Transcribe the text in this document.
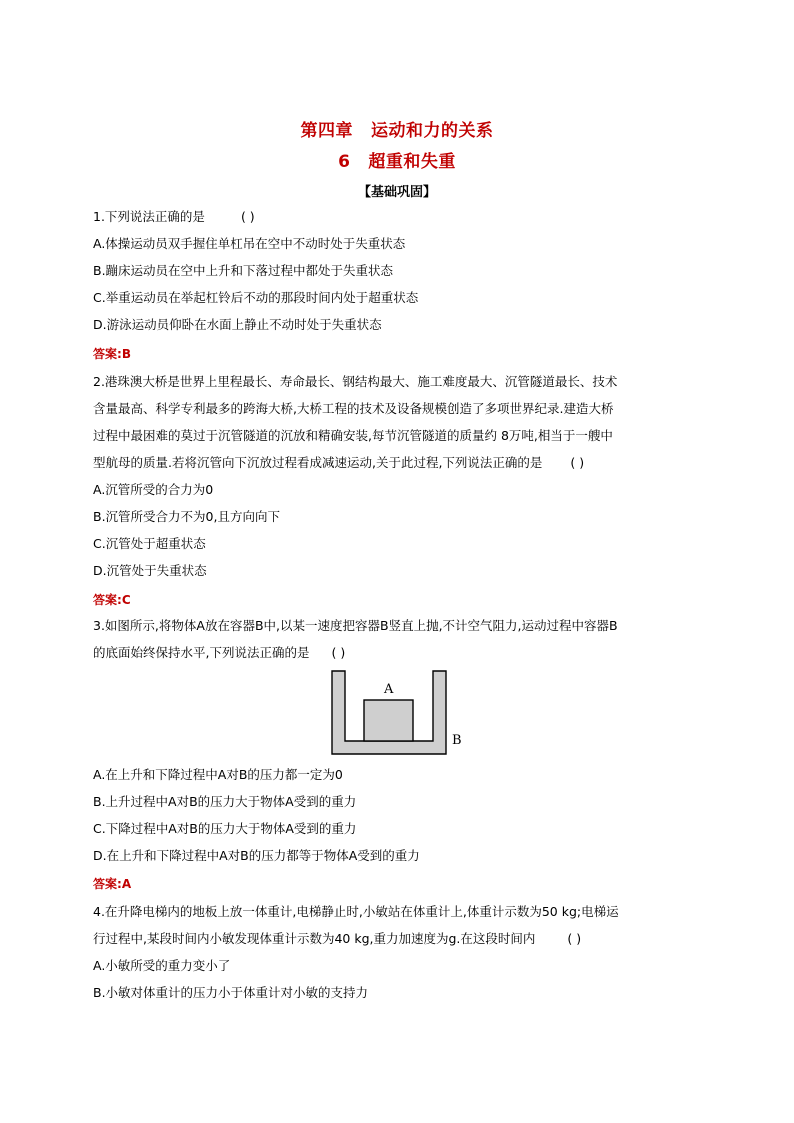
第四章 运动和力的关系
6 超重和失重
【基础巩固】
1.下列说法正确的是	( )
A.体操运动员双手握住单杠吊在空中不动时处于失重状态
B.蹦床运动员在空中上升和下落过程中都处于失重状态
C.举重运动员在举起杠铃后不动的那段时间内处于超重状态
D.游泳运动员仰卧在水面上静止不动时处于失重状态
答案:B
2.港珠澳大桥是世界上里程最长、寿命最长、钢结构最大、施工难度最大、沉管隧道最长、技术
含量最高、科学专利最多的跨海大桥,大桥工程的技术及设备规模创造了多项世界纪录.建造大桥
过程中最困难的莫过于沉管隧道的沉放和精确安装,每节沉管隧道的质量约 8万吨,相当于一艘中
型航母的质量.若将沉管向下沉放过程看成减速运动,关于此过程,下列说法正确的是 ( )
A.沉管所受的合力为0
B.沉管所受合力不为0,且方向向下
C.沉管处于超重状态
D.沉管处于失重状态
答案:C
3.如图所示,将物体A放在容器B中,以某一速度把容器B竖直上抛,不计空气阻力,运动过程中容器B
的底面始终保持水平,下列说法正确的是 ( )
A
B
A.在上升和下降过程中A对B的压力都一定为0
B.上升过程中A对B的压力大于物体A受到的重力
C.下降过程中A对B的压力大于物体A受到的重力
D.在上升和下降过程中A对B的压力都等于物体A受到的重力
答案:A
4.在升降电梯内的地板上放一体重计,电梯静止时,小敏站在体重计上,体重计示数为50 kg;电梯运
行过程中,某段时间内小敏发现体重计示数为40 kg,重力加速度为g.在这段时间内	( )
A.小敏所受的重力变小了
B.小敏对体重计的压力小于体重计对小敏的支持力
